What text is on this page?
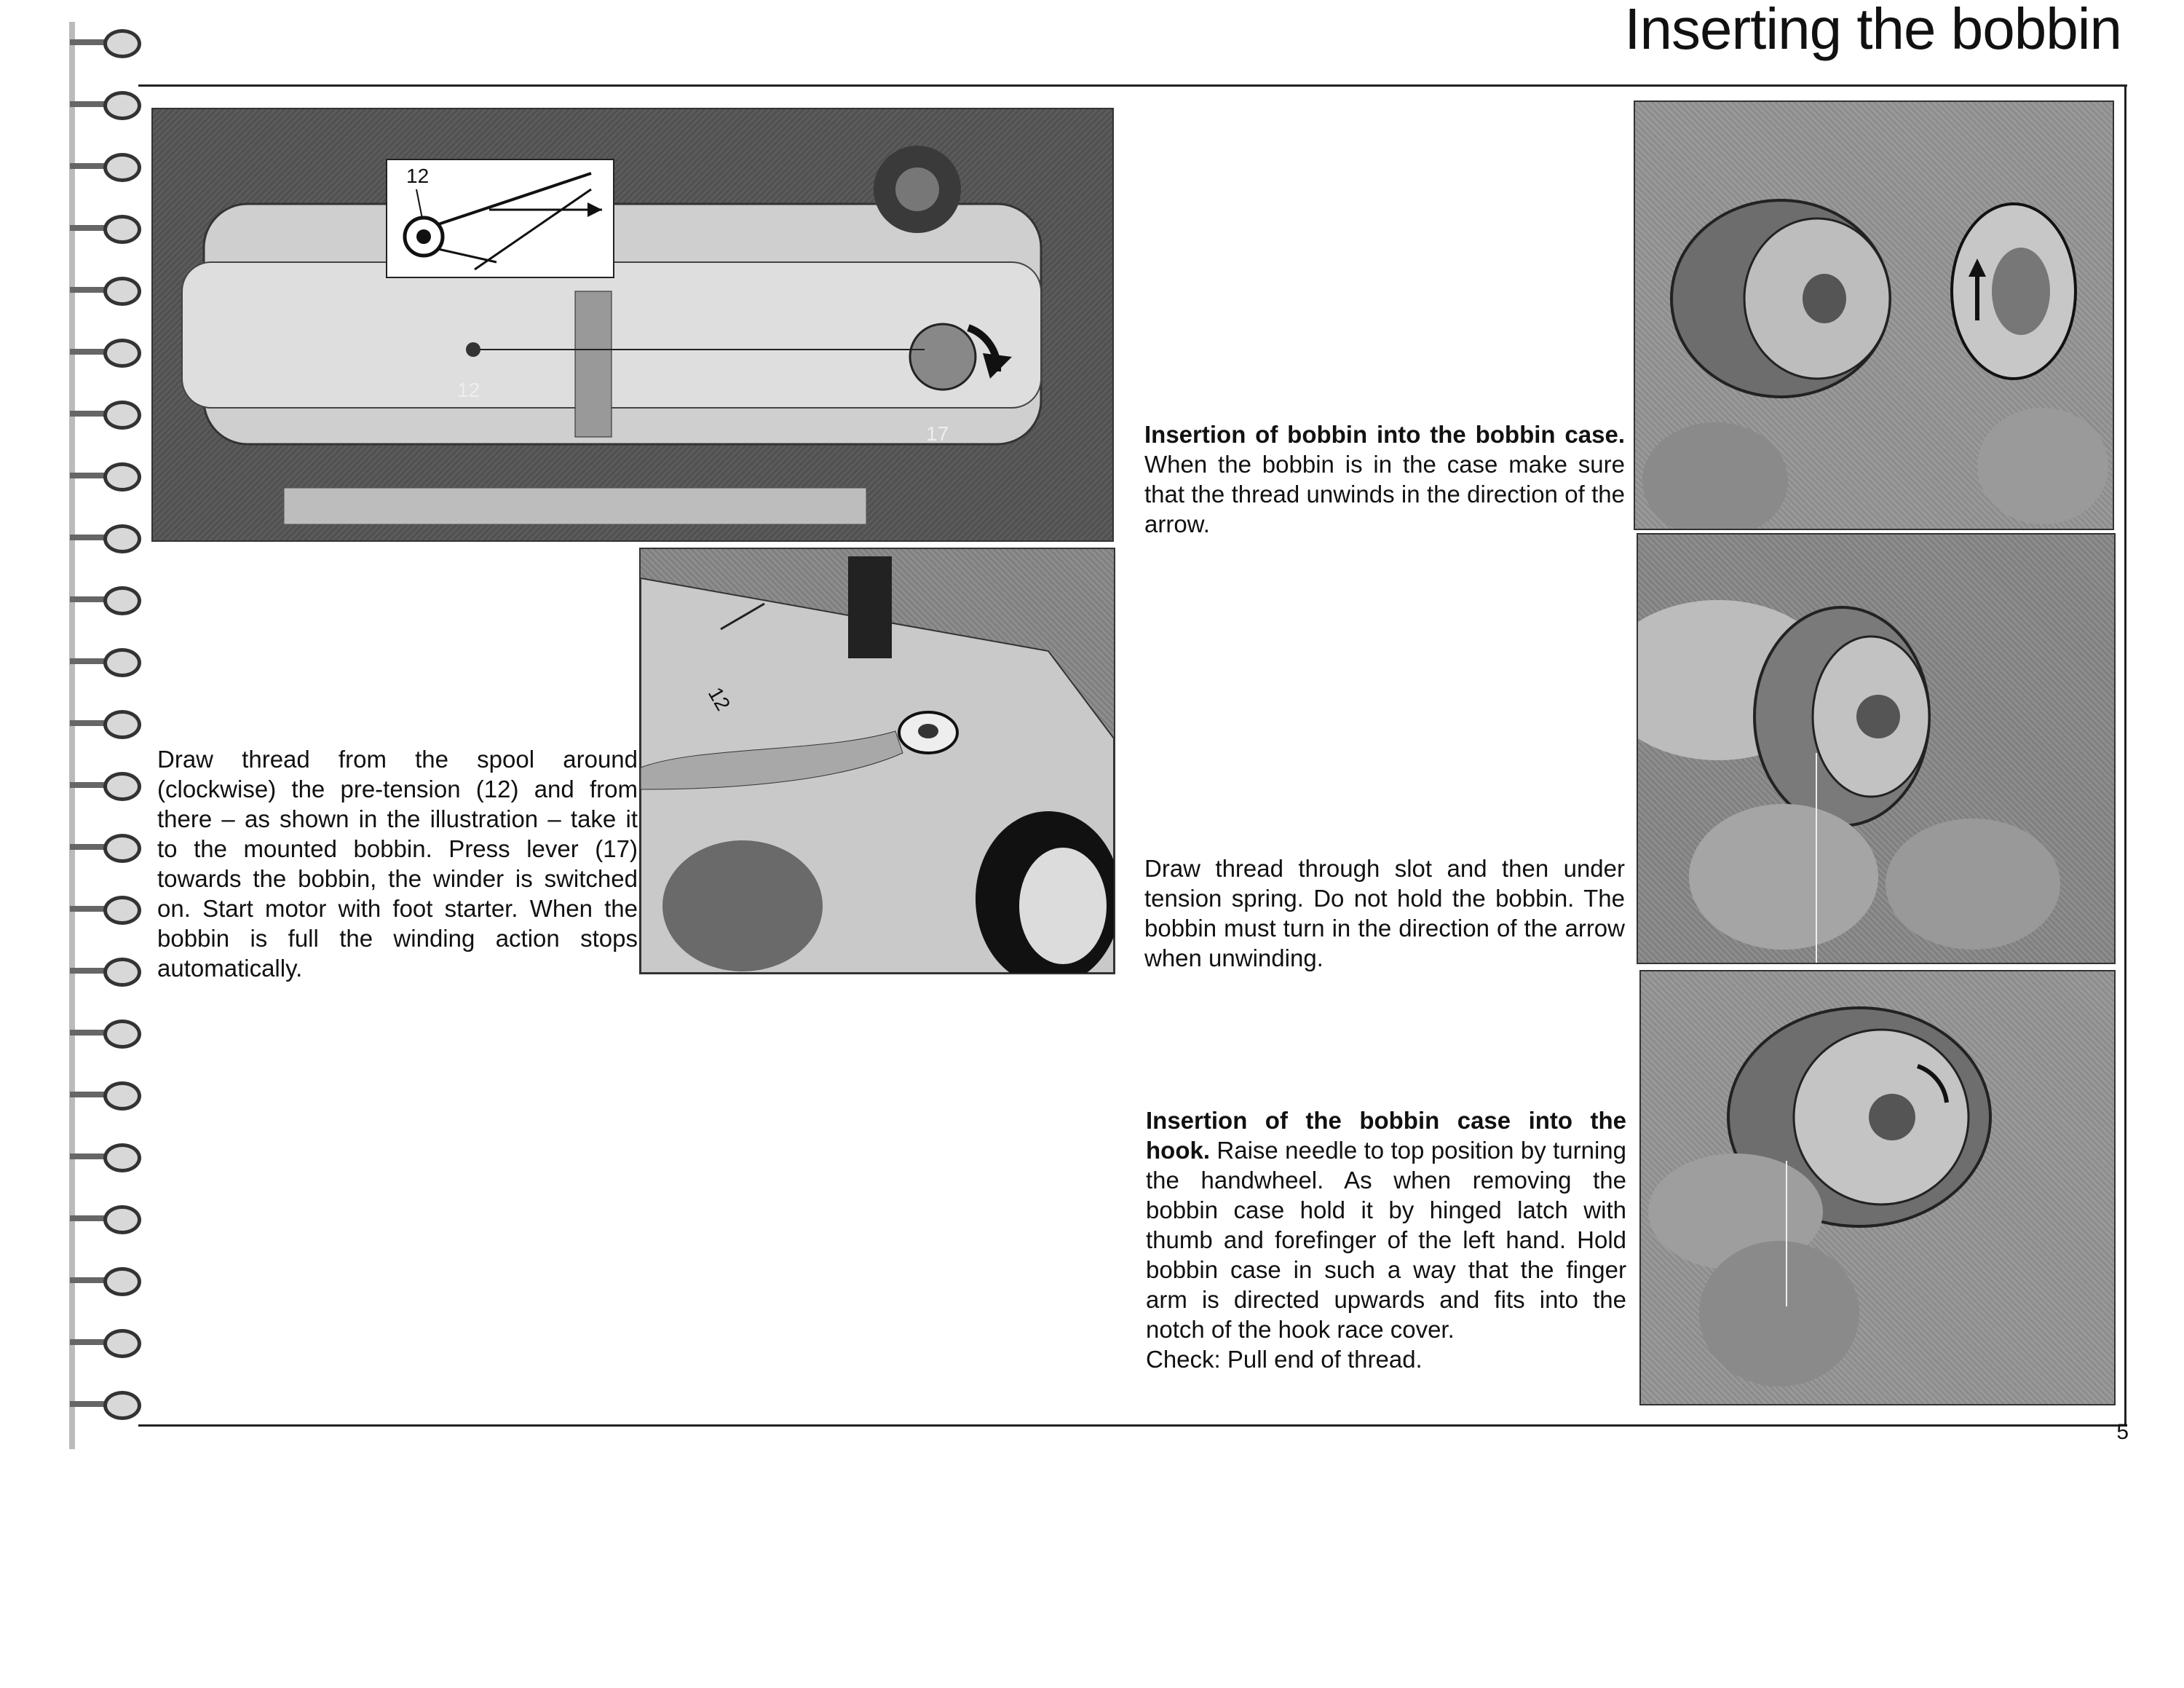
Inserting the bobbin
12
12
17
12
Draw thread from the spool around (clockwise) the pre-tension (12) and from there – as shown in the illustration – take it to the mounted bobbin. Press lever (17) towards the bobbin, the winder is switched on. Start motor with foot starter. When the bobbin is full the winding action stops automatically.
Insertion of bobbin into the bobbin case. When the bobbin is in the case make sure that the thread unwinds in the direction of the arrow.
Draw thread through slot and then under tension spring. Do not hold the bobbin. The bobbin must turn in the direction of the arrow when unwinding.
Insertion of the bobbin case into the hook. Raise needle to top position by turning the handwheel. As when removing the bobbin case hold it by hinged latch with thumb and forefinger of the left hand. Hold bobbin case in such a way that the finger arm is directed upwards and fits into the notch of the hook race cover.
Check: Pull end of thread.
5
